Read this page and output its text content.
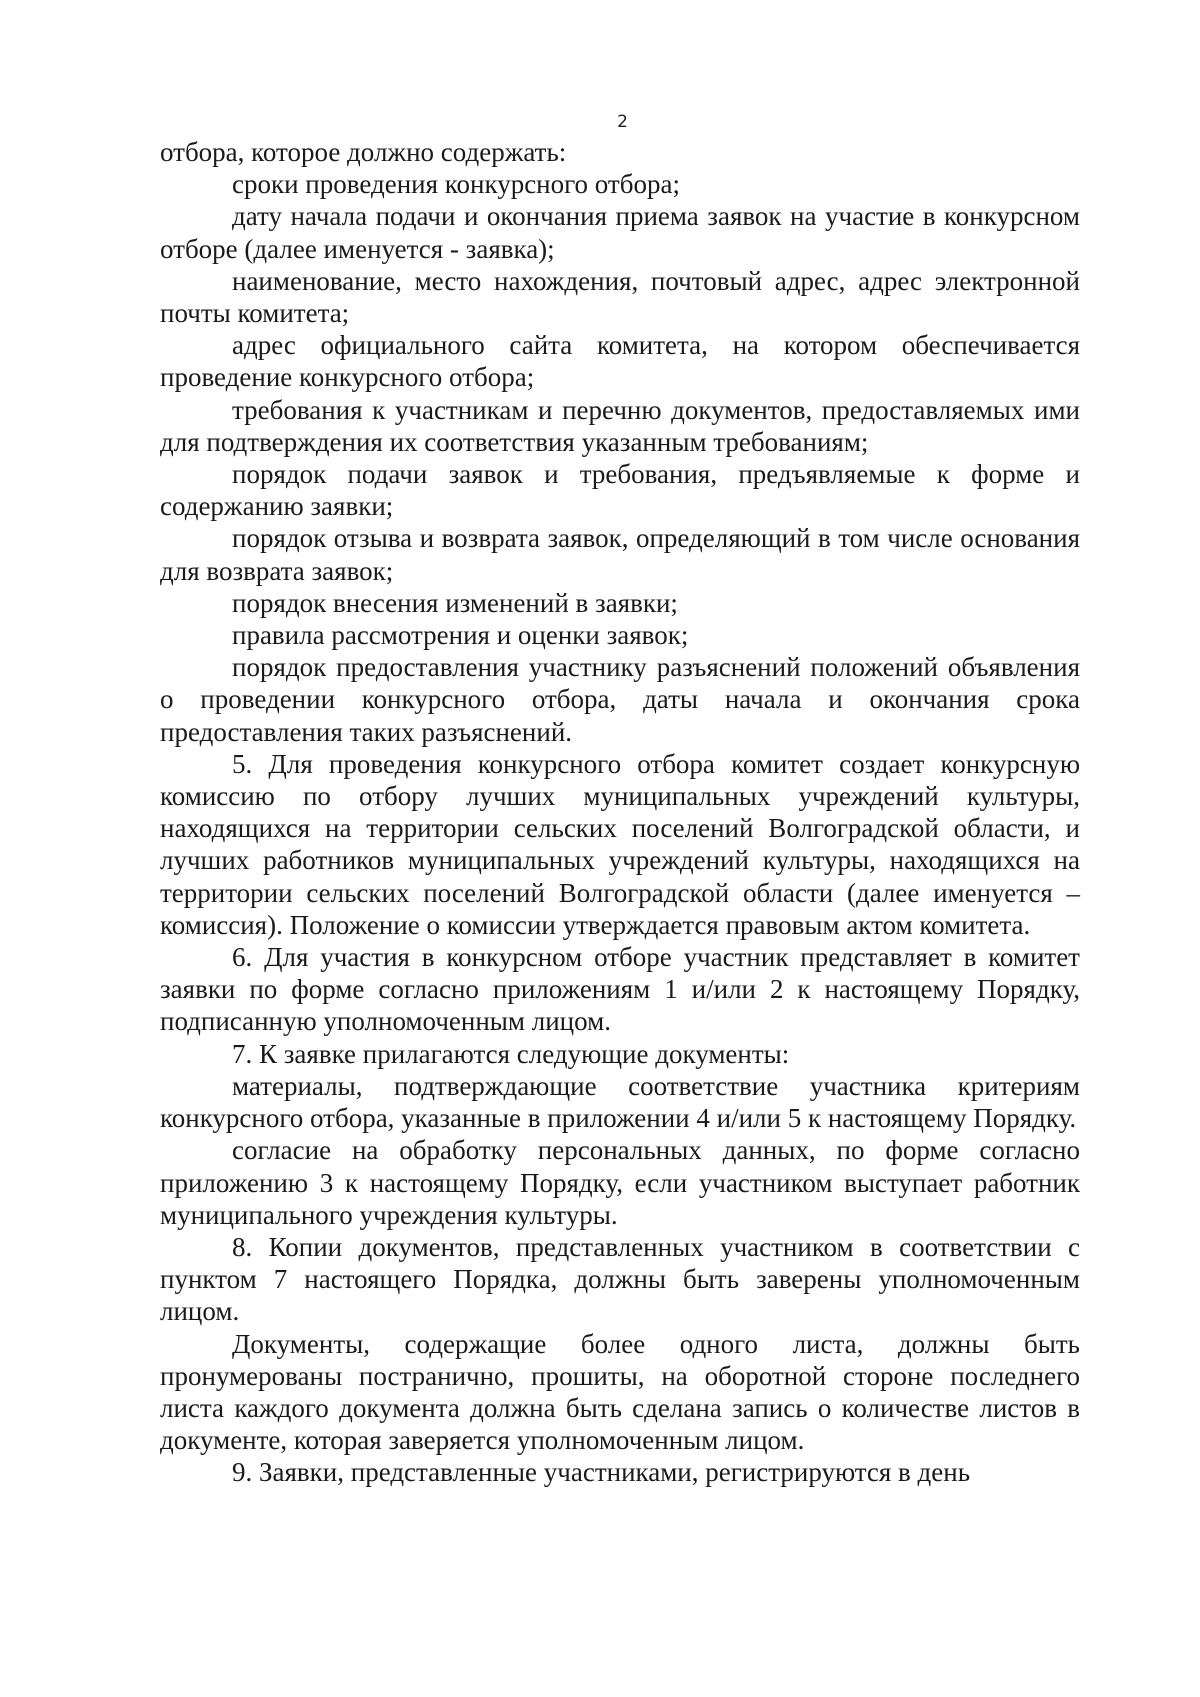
2

отбора, которое должно содержать:

сроки проведения конкурсного отбора;

дату начала подачи и окончания приема заявок на участие в конкурсном отборе (далее именуется - заявка);

наименование, место нахождения, почтовый адрес, адрес электронной почты комитета;

адрес официального сайта комитета, на котором обеспечивается проведение конкурсного отбора;

требования к участникам и перечню документов, предоставляемых ими для подтверждения их соответствия указанным требованиям;

порядок подачи заявок и требования, предъявляемые к форме и содержанию заявки;

порядок отзыва и возврата заявок, определяющий в том числе основания для возврата заявок;

порядок внесения изменений в заявки;

правила рассмотрения и оценки заявок;

порядок предоставления участнику разъяснений положений объявления о проведении конкурсного отбора, даты начала и окончания срока предоставления таких разъяснений.

5. Для проведения конкурсного отбора комитет создает конкурсную комиссию по отбору лучших муниципальных учреждений культуры, находящихся на территории сельских поселений Волгоградской области, и лучших работников муниципальных учреждений культуры, находящихся на территории сельских поселений Волгоградской области (далее именуется – комиссия). Положение о комиссии утверждается правовым актом комитета.

6. Для участия в конкурсном отборе участник представляет в комитет заявки по форме согласно приложениям 1 и/или 2 к настоящему Порядку, подписанную уполномоченным лицом.

7. К заявке прилагаются следующие документы:

материалы, подтверждающие соответствие участника критериям конкурсного отбора, указанные в приложении 4 и/или 5 к настоящему Порядку.

согласие на обработку персональных данных, по форме согласно приложению 3 к настоящему Порядку, если участником выступает работник муниципального учреждения культуры.

8. Копии документов, представленных участником в соответствии с пунктом 7 настоящего Порядка, должны быть заверены уполномоченным лицом.

Документы, содержащие более одного листа, должны быть пронумерованы постранично, прошиты, на оборотной стороне последнего листа каждого документа должна быть сделана запись о количестве листов в документе, которая заверяется уполномоченным лицом.

9. Заявки, представленные участниками, регистрируются в день
